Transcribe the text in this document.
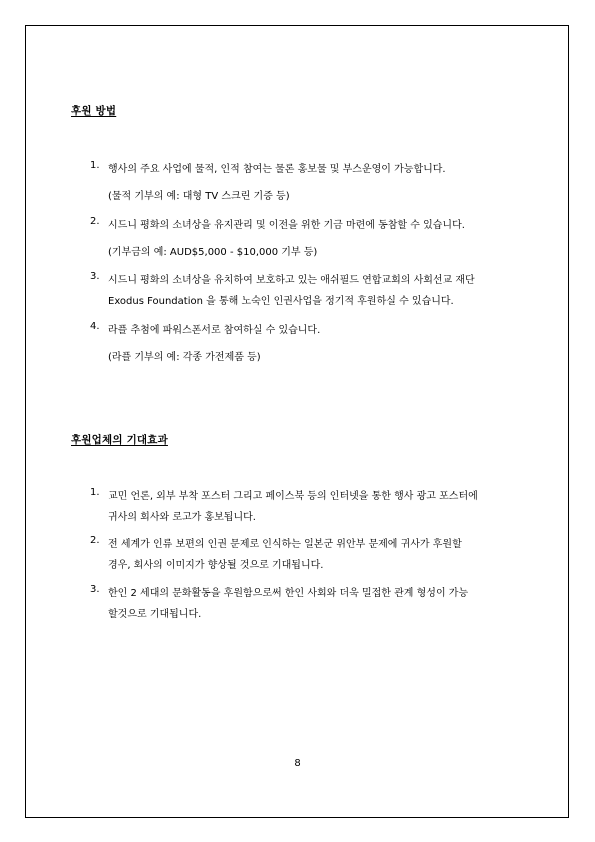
후원 방법
1. 행사의 주요 사업에 물적, 인적 참여는 물론 홍보물 및 부스운영이 가능합니다.
(물적 기부의 예: 대형 TV 스크린 기증 등)
2. 시드니 평화의 소녀상을 유지관리 및 이전을 위한 기금 마련에 동참할 수 있습니다.
(기부금의 예: AUD$5,000 - $10,000 기부 등)
3. 시드니 평화의 소녀상을 유치하여 보호하고 있는 애쉬필드 연합교회의 사회선교 재단
Exodus Foundation 을 통해 노숙인 인권사업을 정기적 후원하실 수 있습니다.
4. 라플 추첨에 파워스폰서로 참여하실 수 있습니다.
(라플 기부의 예: 각종 가전제품 등)
후원업체의 기대효과
1. 교민 언론, 외부 부착 포스터 그리고 페이스북 등의 인터넷을 통한 행사 광고 포스터에
귀사의 회사와 로고가 홍보됩니다.
2. 전 세계가 인류 보편의 인권 문제로 인식하는 일본군 위안부 문제에 귀사가 후원할
경우, 회사의 이미지가 향상될 것으로 기대됩니다.
3. 한인 2 세대의 문화활동을 후원함으로써 한인 사회와 더욱 밀접한 관계 형성이 가능
할것으로 기대됩니다.
8
